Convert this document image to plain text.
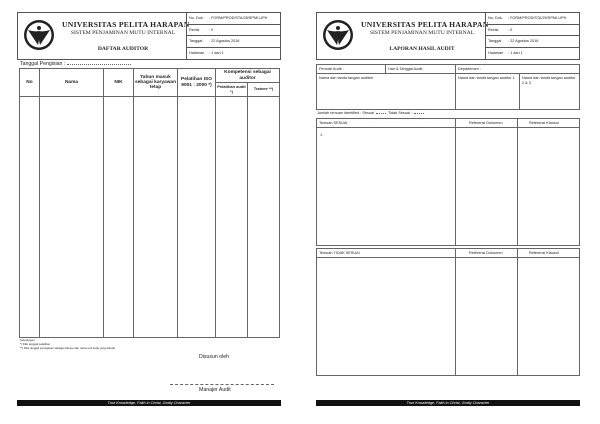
UNIVERSITAS PELITA HARAPAN
SISTEM PENJAMINAN MUTU INTERNAL
DAFTAR AUDITOR
No. Dok. : FORM/PROD/STA/28/SPMI-UPH
Revisi	: 0
Tanggal : 22 Agustus 2016
Halaman : 1 dari 1
Tanggal Pengisian :
No	Nama	NIK	Tahun masuk sebagai karyawan tetap	Pelatihan ISO 9001 : 2000 *)	Kompetensi sebagai auditor	
					Pelatihan audit *)	Trainee **)

Keterangan :
*) Diisi tanggal pelatihan
**) Diisi tanggal penugasan sebagai trainee dan nama unit kerja yang diaudit
Disusun oleh
Manajer Audit
True Knowledge, Faith in Christ, Godly Character
UNIVERSITAS PELITA HARAPAN
SISTEM PENJAMINAN MUTU INTERNAL
LAPORAN HASIL AUDIT
No. Dok. : FORM/PROD/STA/29/SPMI-UPH
Revisi	: 0
Tanggal : 22 Agustus 2016
Halaman : 1 dari 1
Periode Audit :	Hari & Tanggal Audit :	Departemen :
Nama dan tanda tangan auditee	Nama dan tanda tangan auditor 1	Nama dan tanda tangan auditor 2 & 3
Jumlah temuan identified : Sesuai	Tidak Sesuai :
Temuan SESUAI	Referensi Dokumen	Referensi Klausul
1.
Temuan TIDAK SESUAI	Referensi Dokumen	Referensi Klausul
True Knowledge, Faith in Christ, Godly Character
